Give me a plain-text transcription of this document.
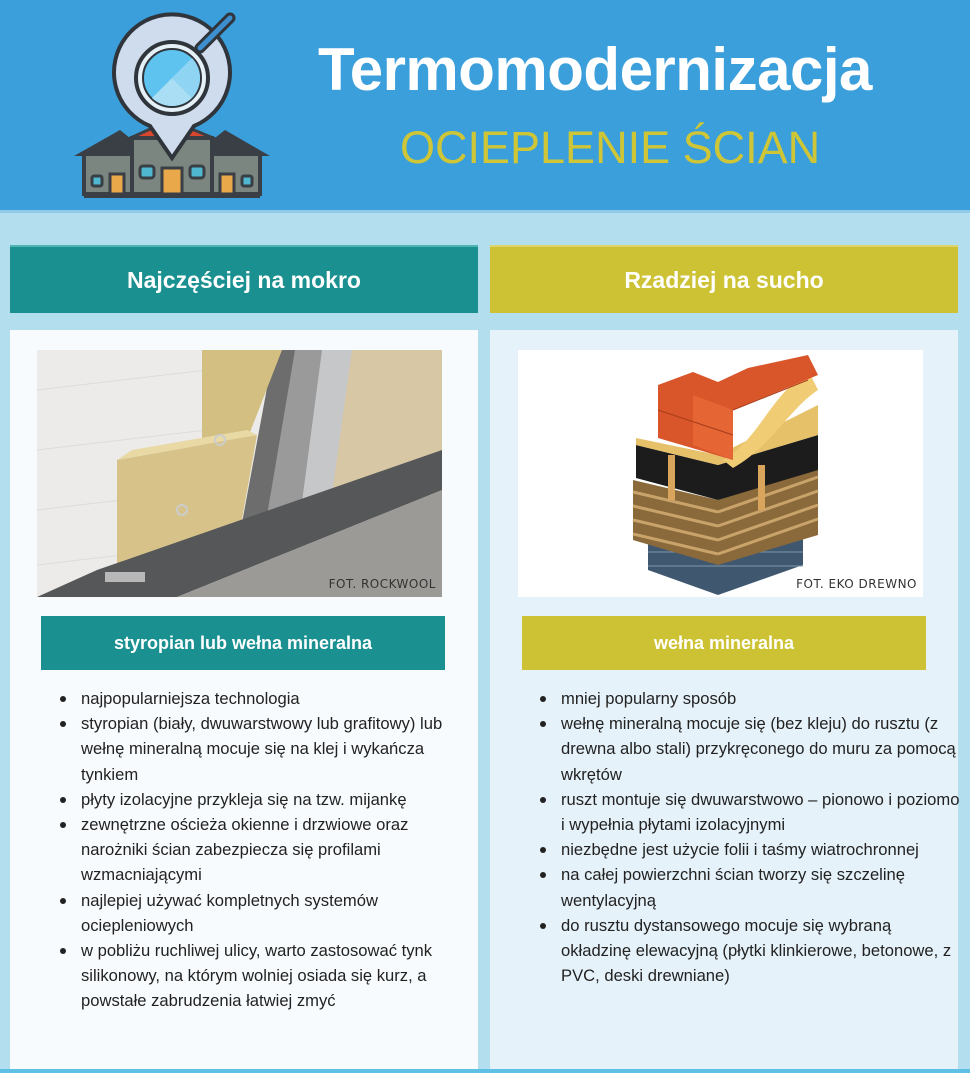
Termomodernizacja
OCIEPLENIE ŚCIAN
Najczęściej na mokro
FOT. ROCKWOOL
styropian lub wełna mineralna
najpopularniejsza technologia
styropian (biały, dwuwarstwowy lub grafitowy) lub wełnę mineralną mocuje się na klej i wykańcza tynkiem
płyty izolacyjne przykleja się na tzw. mijankę
zewnętrzne ościeża okienne i drzwiowe oraz narożniki ścian zabezpiecza się profilami wzmacniającymi
najlepiej używać kompletnych systemów ociepleniowych
w pobliżu ruchliwej ulicy, warto zastosować tynk silikonowy, na którym wolniej osiada się kurz, a powstałe zabrudzenia łatwiej zmyć
Rzadziej na sucho
FOT. EKO DREWNO
wełna mineralna
mniej popularny sposób
wełnę mineralną mocuje się (bez kleju) do rusztu (z drewna albo stali) przykręconego do muru za pomocą wkrętów
ruszt montuje się dwuwarstwowo – pionowo i poziomo i wypełnia płytami izolacyjnymi
niezbędne jest użycie folii i taśmy wiatrochronnej
na całej powierzchni ścian tworzy się szczelinę wentylacyjną
do rusztu dystansowego mocuje się wybraną okładzinę elewacyjną (płytki klinkierowe, betonowe, z PVC, deski drewniane)
